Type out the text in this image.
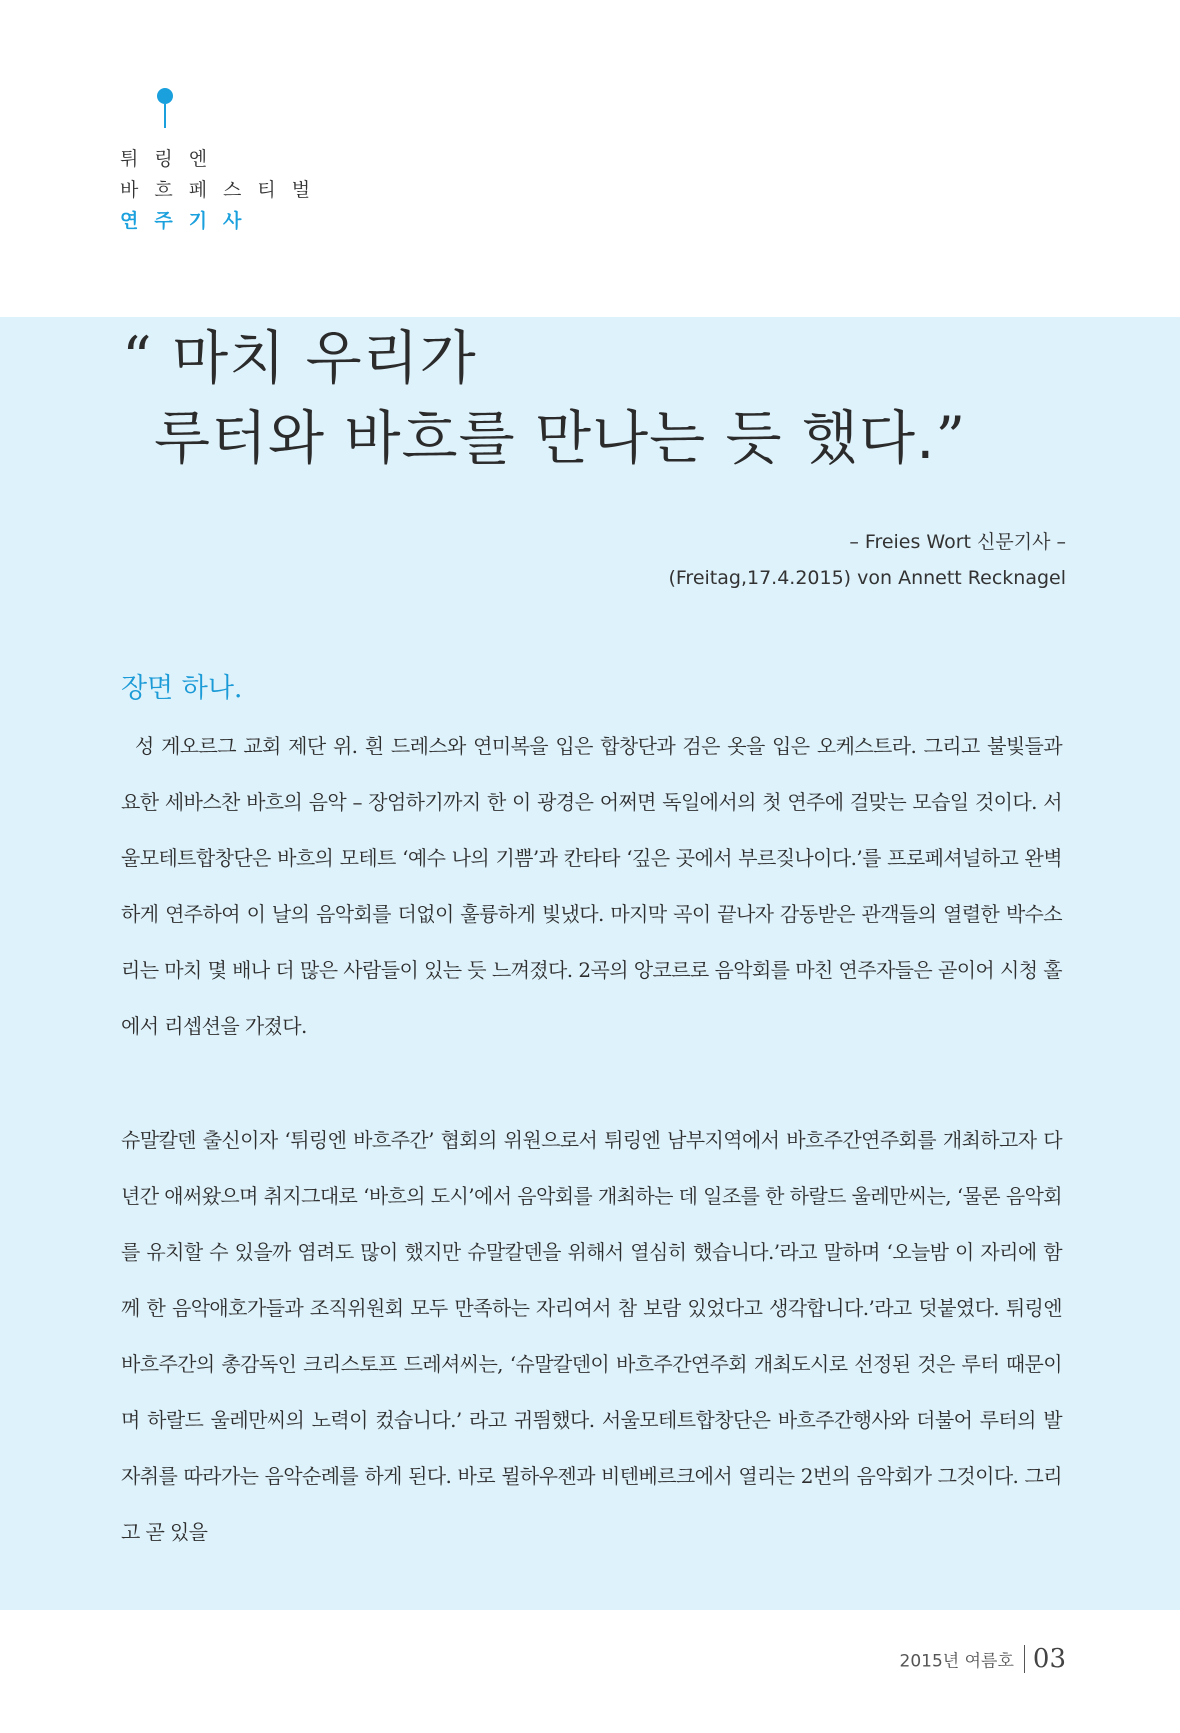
튀링엔
바흐페스티벌
연주기사
“ 마치 우리가
루터와 바흐를 만나는 듯 했다.”
– Freies Wort 신문기사 –
(Freitag,17.4.2015) von Annett Recknagel
장면 하나.

성 게오르그 교회 제단 위. 흰 드레스와 연미복을 입은 합창단과 검은 옷을 입은 오케스트라. 그리고 불빛들과 요한 세바스찬 바흐의 음악 – 장엄하기까지 한 이 광경은 어쩌면 독일에서의 첫 연주에 걸맞는 모습일 것이다. 서울모테트합창단은 바흐의 모테트 ‘예수 나의 기쁨’과 칸타타 ‘깊은 곳에서 부르짖나이다.’를 프로페셔널하고 완벽하게 연주하여 이 날의 음악회를 더없이 훌륭하게 빛냈다. 마지막 곡이 끝나자 감동받은 관객들의 열렬한 박수소리는 마치 몇 배나 더 많은 사람들이 있는 듯 느껴졌다. 2곡의 앙코르로 음악회를 마친 연주자들은 곧이어 시청 홀에서 리셉션을 가졌다.

슈말칼덴 출신이자 ‘튀링엔 바흐주간’ 협회의 위원으로서 튀링엔 남부지역에서 바흐주간연주회를 개최하고자 다년간 애써왔으며 취지그대로 ‘바흐의 도시’에서 음악회를 개최하는 데 일조를 한 하랄드 울레만씨는, ‘물론 음악회를 유치할 수 있을까 염려도 많이 했지만 슈말칼덴을 위해서 열심히 했습니다.’라고 말하며 ‘오늘밤 이 자리에 함께 한 음악애호가들과 조직위원회 모두 만족하는 자리여서 참 보람 있었다고 생각합니다.’라고 덧붙였다. 튀링엔 바흐주간의 총감독인 크리스토프 드레셔씨는, ‘슈말칼덴이 바흐주간연주회 개최도시로 선정된 것은 루터 때문이며 하랄드 울레만씨의 노력이 컸습니다.’ 라고 귀띔했다. 서울모테트합창단은 바흐주간행사와 더불어 루터의 발자취를 따라가는 음악순례를 하게 된다. 바로 뮐하우젠과 비텐베르크에서 열리는 2번의 음악회가 그것이다. 그리고 곧 있을

2015년 여름호 03
